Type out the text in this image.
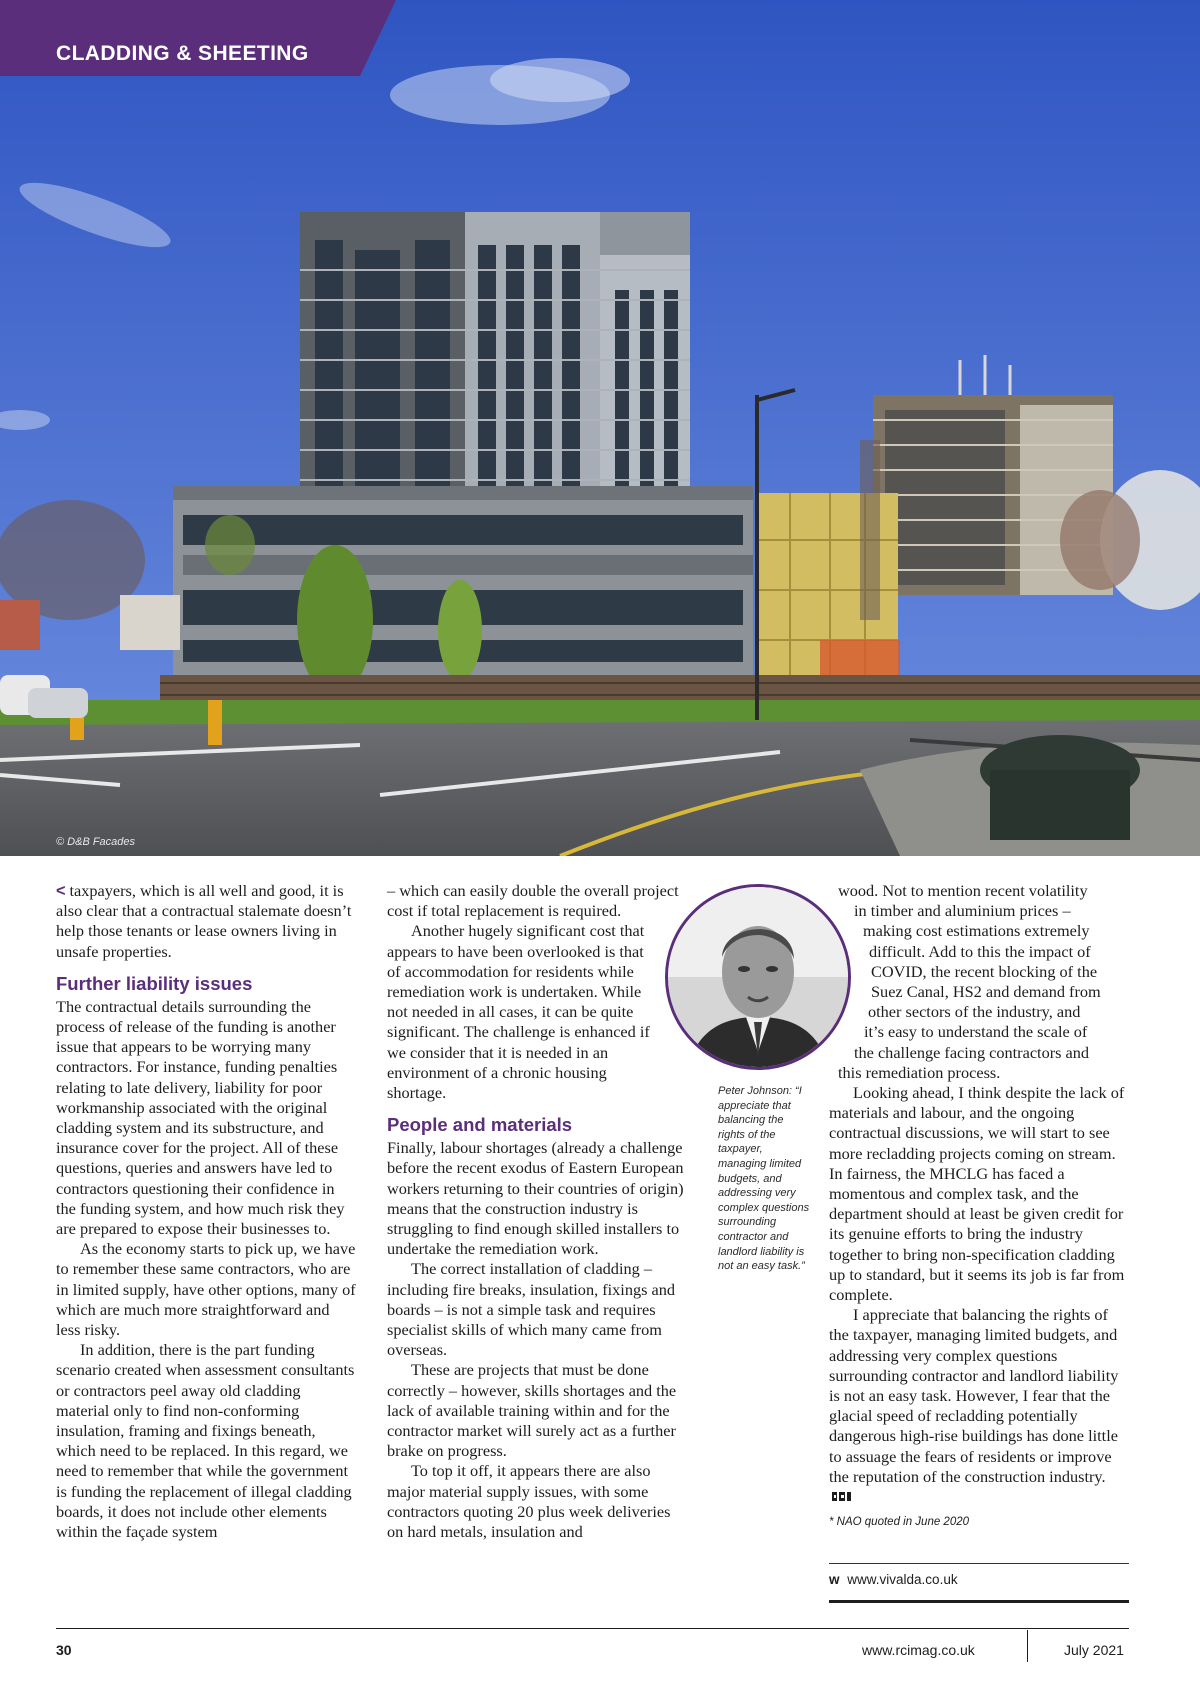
CLADDING & SHEETING
© D&B Facades

< taxpayers, which is all well and good, it is also clear that a contractual stalemate doesn’t help those tenants or lease owners living in unsafe properties.

Further liability issues

The contractual details surrounding the process of release of the funding is another issue that appears to be worrying many contractors. For instance, funding penalties relating to late delivery, liability for poor workmanship associated with the original cladding system and its substructure, and insurance cover for the project. All of these questions, queries and answers have led to contractors questioning their confidence in the funding system, and how much risk they are prepared to expose their businesses to.

As the economy starts to pick up, we have to remember these same contractors, who are in limited supply, have other options, many of which are much more straightforward and less risky.

In addition, there is the part funding scenario created when assessment consultants or contractors peel away old cladding material only to find non-conforming insulation, framing and fixings beneath, which need to be replaced. In this regard, we need to remember that while the government is funding the replacement of illegal cladding boards, it does not include other elements within the façade system

– which can easily double the overall project cost if total replacement is required.

Another hugely significant cost that appears to have been overlooked is that of accommodation for residents while remediation work is undertaken. While not needed in all cases, it can be quite significant. The challenge is enhanced if we consider that it is needed in an environment of a chronic housing shortage.

People and materials

Finally, labour shortages (already a challenge before the recent exodus of Eastern European workers returning to their countries of origin) means that the construction industry is struggling to find enough skilled installers to undertake the remediation work.

The correct installation of cladding – including fire breaks, insulation, fixings and boards – is not a simple task and requires specialist skills of which many came from overseas.

These are projects that must be done correctly – however, skills shortages and the lack of available training within and for the contractor market will surely act as a further brake on progress.

To top it off, it appears there are also major material supply issues, with some contractors quoting 20 plus week deliveries on hard metals, insulation and

Peter Johnson: “I appreciate that balancing the rights of the taxpayer, managing limited budgets, and addressing very complex questions surrounding contractor and landlord liability is not an easy task.”
wood. Not to mention recent volatility
in timber and aluminium prices –
making cost estimations extremely
difficult. Add to this the impact of
COVID, the recent blocking of the
Suez Canal, HS2 and demand from
other sectors of the industry, and
it’s easy to understand the scale of
the challenge facing contractors and
this remediation process.

Looking ahead, I think despite the lack of materials and labour, and the ongoing contractual discussions, we will start to see more recladding projects coming on stream. In fairness, the MHCLG has faced a momentous and complex task, and the department should at least be given credit for its genuine efforts to bring the industry together to bring non-specification cladding up to standard, but it seems its job is far from complete.

I appreciate that balancing the rights of the taxpayer, managing limited budgets, and addressing very complex questions surrounding contractor and landlord liability is not an easy task. However, I fear that the glacial speed of recladding potentially dangerous high-rise buildings has done little to assuage the fears of residents or improve the reputation of the construction industry.

* NAO quoted in June 2020
w www.vivalda.co.uk
30	www.rcimag.co.uk	July 2021
